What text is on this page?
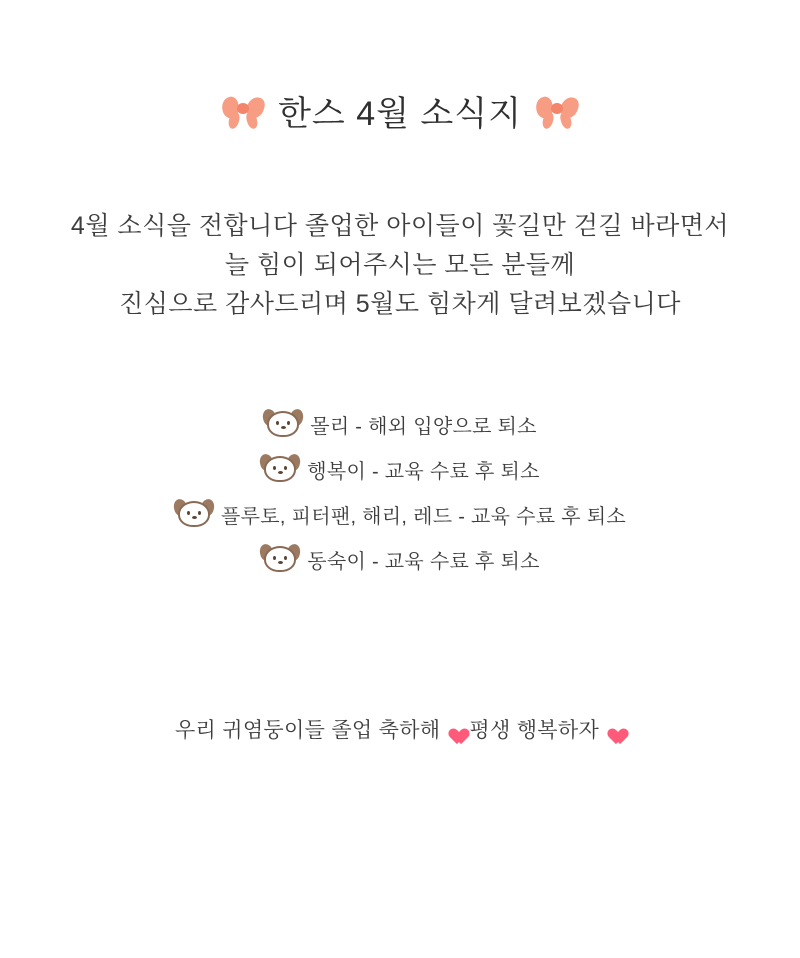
한스 4월 소식지
4월 소식을 전합니다 졸업한 아이들이 꽃길만 걷길 바라면서
늘 힘이 되어주시는 모든 분들께
진심으로 감사드리며 5월도 힘차게 달려보겠습니다
몰리 - 해외 입양으로 퇴소
행복이 - 교육 수료 후 퇴소
플루토, 피터팬, 해리, 레드 - 교육 수료 후 퇴소
동숙이 - 교육 수료 후 퇴소
우리 귀염둥이들 졸업 축하해 평생 행복하자
